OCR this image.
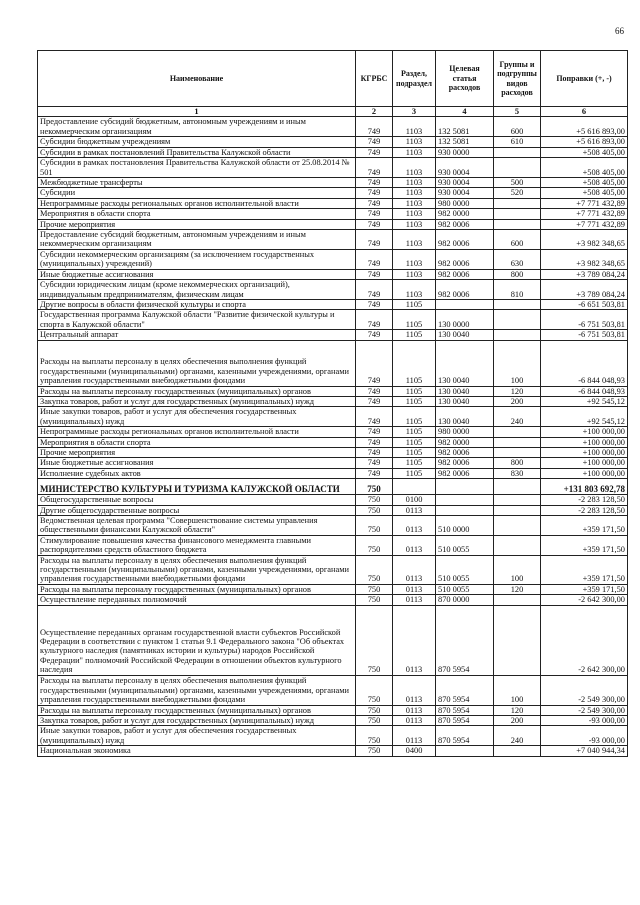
66
Наименование	КГРБС	Раздел, подраздел	Целевая статья расходов	Группы и подгруппы видов расходов	Поправки (+, -)
1	2	3	4	5	6
Предоставление субсидий бюджетным, автономным учреждениям и иным некоммерческим организациям	749	1103	132 5081	600	+5 616 893,00
Субсидии бюджетным учреждениям	749	1103	132 5081	610	+5 616 893,00
Субсидии в рамках постановлений Правительства Калужской области	749	1103	930 0000		+508 405,00
Субсидии в рамках постановления Правительства Калужской области от 25.08.2014 № 501	749	1103	930 0004		+508 405,00
Межбюджетные трансферты	749	1103	930 0004	500	+508 405,00
Субсидии	749	1103	930 0004	520	+508 405,00
Непрограммные расходы региональных органов исполнительной власти	749	1103	980 0000		+7 771 432,89
Мероприятия в области спорта	749	1103	982 0000		+7 771 432,89
Прочие мероприятия	749	1103	982 0006		+7 771 432,89
Предоставление субсидий бюджетным, автономным учреждениям и иным некоммерческим организациям	749	1103	982 0006	600	+3 982 348,65
Субсидии некоммерческим организациям (за исключением государственных (муниципальных) учреждений)	749	1103	982 0006	630	+3 982 348,65
Иные бюджетные ассигнования	749	1103	982 0006	800	+3 789 084,24
Субсидии юридическим лицам (кроме некоммерческих организаций), индивидуальным предпринимателям, физическим лицам	749	1103	982 0006	810	+3 789 084,24
Другие вопросы в области физической культуры и спорта	749	1105			-6 651 503,81
Государственная программа Калужской области "Развитие физической культуры и спорта в Калужской области"	749	1105	130 0000		-6 751 503,81
Центральный аппарат	749	1105	130 0040		-6 751 503,81
Расходы на выплаты персоналу в целях обеспечения выполнения функций государственными (муниципальными) органами, казенными учреждениями, органами управления государственными внебюджетными фондами	749	1105	130 0040	100	-6 844 048,93
Расходы на выплаты персоналу государственных (муниципальных) органов	749	1105	130 0040	120	-6 844 048,93
Закупка товаров, работ и услуг для государственных (муниципальных) нужд	749	1105	130 0040	200	+92 545,12
Иные закупки товаров, работ и услуг для обеспечения государственных (муниципальных) нужд	749	1105	130 0040	240	+92 545,12
Непрограммные расходы региональных органов исполнительной власти	749	1105	980 0000		+100 000,00
Мероприятия в области спорта	749	1105	982 0000		+100 000,00
Прочие мероприятия	749	1105	982 0006		+100 000,00
Иные бюджетные ассигнования	749	1105	982 0006	800	+100 000,00
Исполнение судебных актов	749	1105	982 0006	830	+100 000,00
МИНИСТЕРСТВО КУЛЬТУРЫ И ТУРИЗМА КАЛУЖСКОЙ ОБЛАСТИ	750				+131 803 692,78
Общегосударственные вопросы	750	0100			-2 283 128,50
Другие общегосударственные вопросы	750	0113			-2 283 128,50
Ведомственная целевая программа "Совершенствование системы управления общественными финансами Калужской области"	750	0113	510 0000		+359 171,50
Стимулирование повышения качества финансового менеджмента главными распорядителями средств областного бюджета	750	0113	510 0055		+359 171,50
Расходы на выплаты персоналу в целях обеспечения выполнения функций государственными (муниципальными) органами, казенными учреждениями, органами управления государственными внебюджетными фондами	750	0113	510 0055	100	+359 171,50
Расходы на выплаты персоналу государственных (муниципальных) органов	750	0113	510 0055	120	+359 171,50
Осуществление переданных полномочий	750	0113	870 0000		-2 642 300,00
Осуществление переданных органам государственной власти субъектов Российской Федерации в соответствии с пунктом 1 статьи 9.1 Федерального закона "Об объектах культурного наследия (памятниках истории и культуры) народов Российской Федерации" полномочий Российской Федерации в отношении объектов культурного наследия	750	0113	870 5954		-2 642 300,00
Расходы на выплаты персоналу в целях обеспечения выполнения функций государственными (муниципальными) органами, казенными учреждениями, органами управления государственными внебюджетными фондами	750	0113	870 5954	100	-2 549 300,00
Расходы на выплаты персоналу государственных (муниципальных) органов	750	0113	870 5954	120	-2 549 300,00
Закупка товаров, работ и услуг для государственных (муниципальных) нужд	750	0113	870 5954	200	-93 000,00
Иные закупки товаров, работ и услуг для обеспечения государственных (муниципальных) нужд	750	0113	870 5954	240	-93 000,00
Национальная экономика	750	0400			+7 040 944,34
